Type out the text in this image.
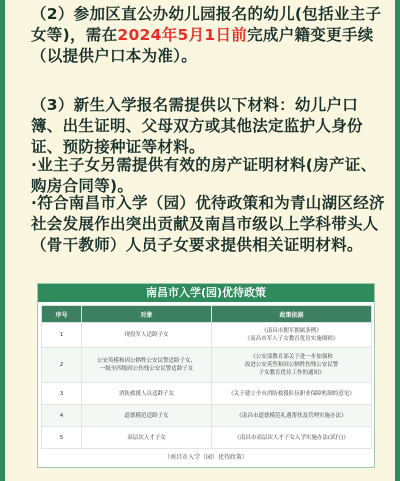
（2）参加区直公办幼儿园报名的幼儿(包括业主子女等)，需在2024年5月1日前完成户籍变更手续（以提供户口本为准）。
（3）新生入学报名需提供以下材料：幼儿户口簿、出生证明、父母双方或其他法定监护人身份证、预防接种证等材料。
·业主子女另需提供有效的房产证明材料(房产证、购房合同等)。
·符合南昌市入学（园）优待政策和为青山湖区经济社会发展作出突出贡献及南昌市级以上学科带头人（骨干教师）人员子女要求提供相关证明材料。
南昌市入学(园)优待政策
序号	对象	政策依据
1	现役军人适龄子女	《南昌市拥军拥属条例》
《南昌市军人子女教育优待实施细则》
2	公安英模和因公牺牲公安民警适龄子女、
一级至四级因公伤残公安民警适龄子女	《公安部教育部关于进一步加强和
改进公安英烈和因公牺牲伤残公安民警
子女教育优待工作的通知》
3	消防救援人员适龄子女	《关于建立全市消防救援队伍职业保障机制的意见》
4	道德模范适龄子女	《南昌市道德模范礼遇帮扶及管理实施办法》
5	高层次人才子女	《南昌市高层次人才子女入学实施办法(试行)》
（南昌市入学（园）优待政策）
